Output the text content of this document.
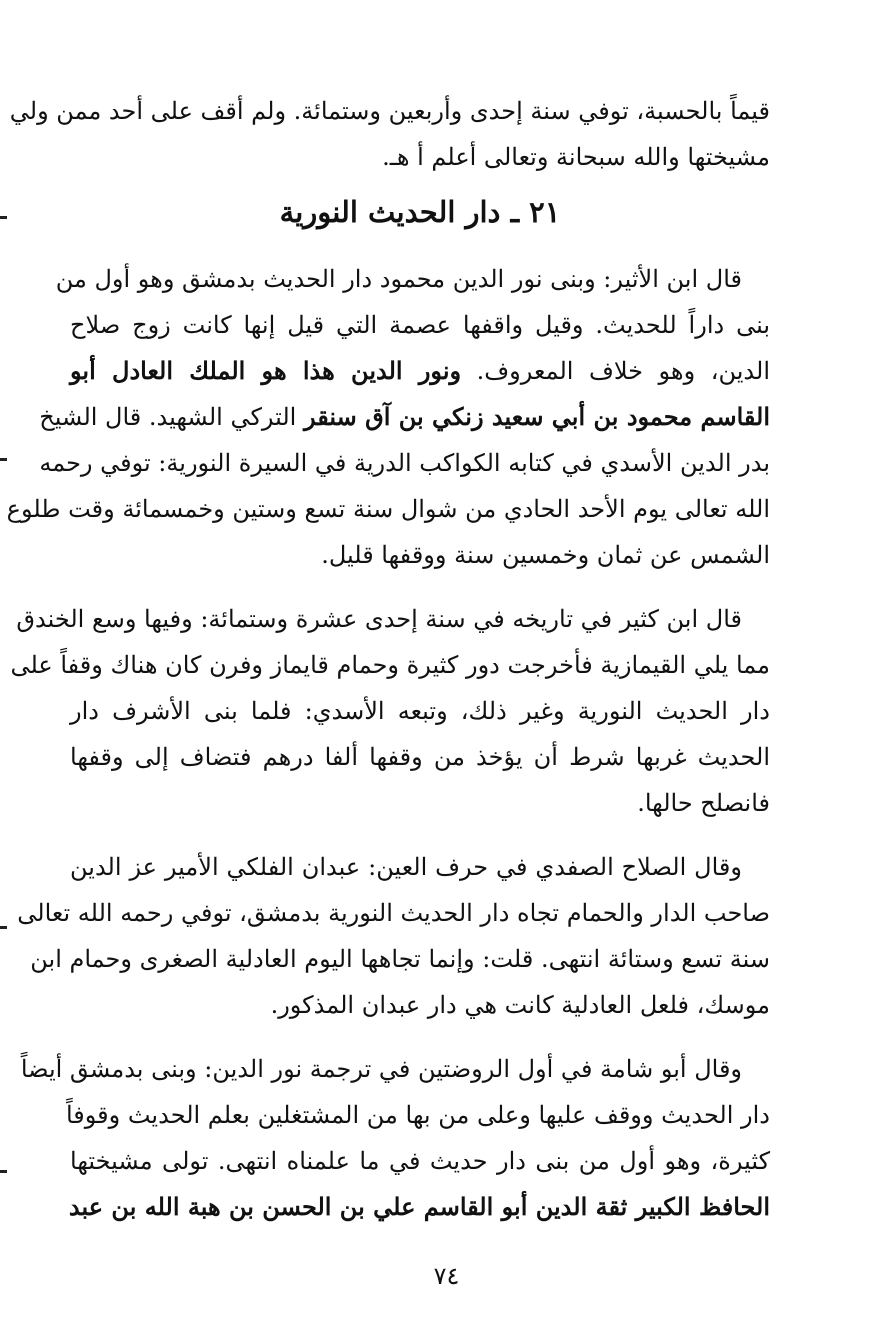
قيماً بالحسبة، توفي سنة إحدى وأربعين وستمائة. ولم أقف على أحد ممن ولي
مشيختها والله سبحانة وتعالى أعلم أ هـ.
٢١ ـ دار الحديث النورية
قال ابن الأثير: وبنى نور الدين محمود دار الحديث بدمشق وهو أول من
بنى داراً للحديث. وقيل واقفها عصمة التي قيل إنها كانت زوج صلاح
الدين، وهو خلاف المعروف. ونور الدين هذا هو الملك العادل أبو
القاسم محمود بن أبي سعيد زنكي بن آق سنقر التركي الشهيد. قال الشيخ
بدر الدين الأسدي في كتابه الكواكب الدرية في السيرة النورية: توفي رحمه
الله تعالى يوم الأحد الحادي من شوال سنة تسع وستين وخمسمائة وقت طلوع
الشمس عن ثمان وخمسين سنة ووقفها قليل.
قال ابن كثير في تاريخه في سنة إحدى عشرة وستمائة: وفيها وسع الخندق
مما يلي القيمازية فأخرجت دور كثيرة وحمام قايماز وفرن كان هناك وقفاً على
دار الحديث النورية وغير ذلك، وتبعه الأسدي: فلما بنى الأشرف دار
الحديث غربها شرط أن يؤخذ من وقفها ألفا درهم فتضاف إلى وقفها
فانصلح حالها.
وقال الصلاح الصفدي في حرف العين: عبدان الفلكي الأمير عز الدين
صاحب الدار والحمام تجاه دار الحديث النورية بدمشق، توفي رحمه الله تعالى
سنة تسع وستائة انتهى. قلت: وإنما تجاهها اليوم العادلية الصغرى وحمام ابن
موسك، فلعل العادلية كانت هي دار عبدان المذكور.
وقال أبو شامة في أول الروضتين في ترجمة نور الدين: وبنى بدمشق أيضاً
دار الحديث ووقف عليها وعلى من بها من المشتغلين بعلم الحديث وقوفاً
كثيرة، وهو أول من بنى دار حديث في ما علمناه انتهى. تولى مشيختها
الحافظ الكبير ثقة الدين أبو القاسم علي بن الحسن بن هبة الله بن عبد
٧٤
